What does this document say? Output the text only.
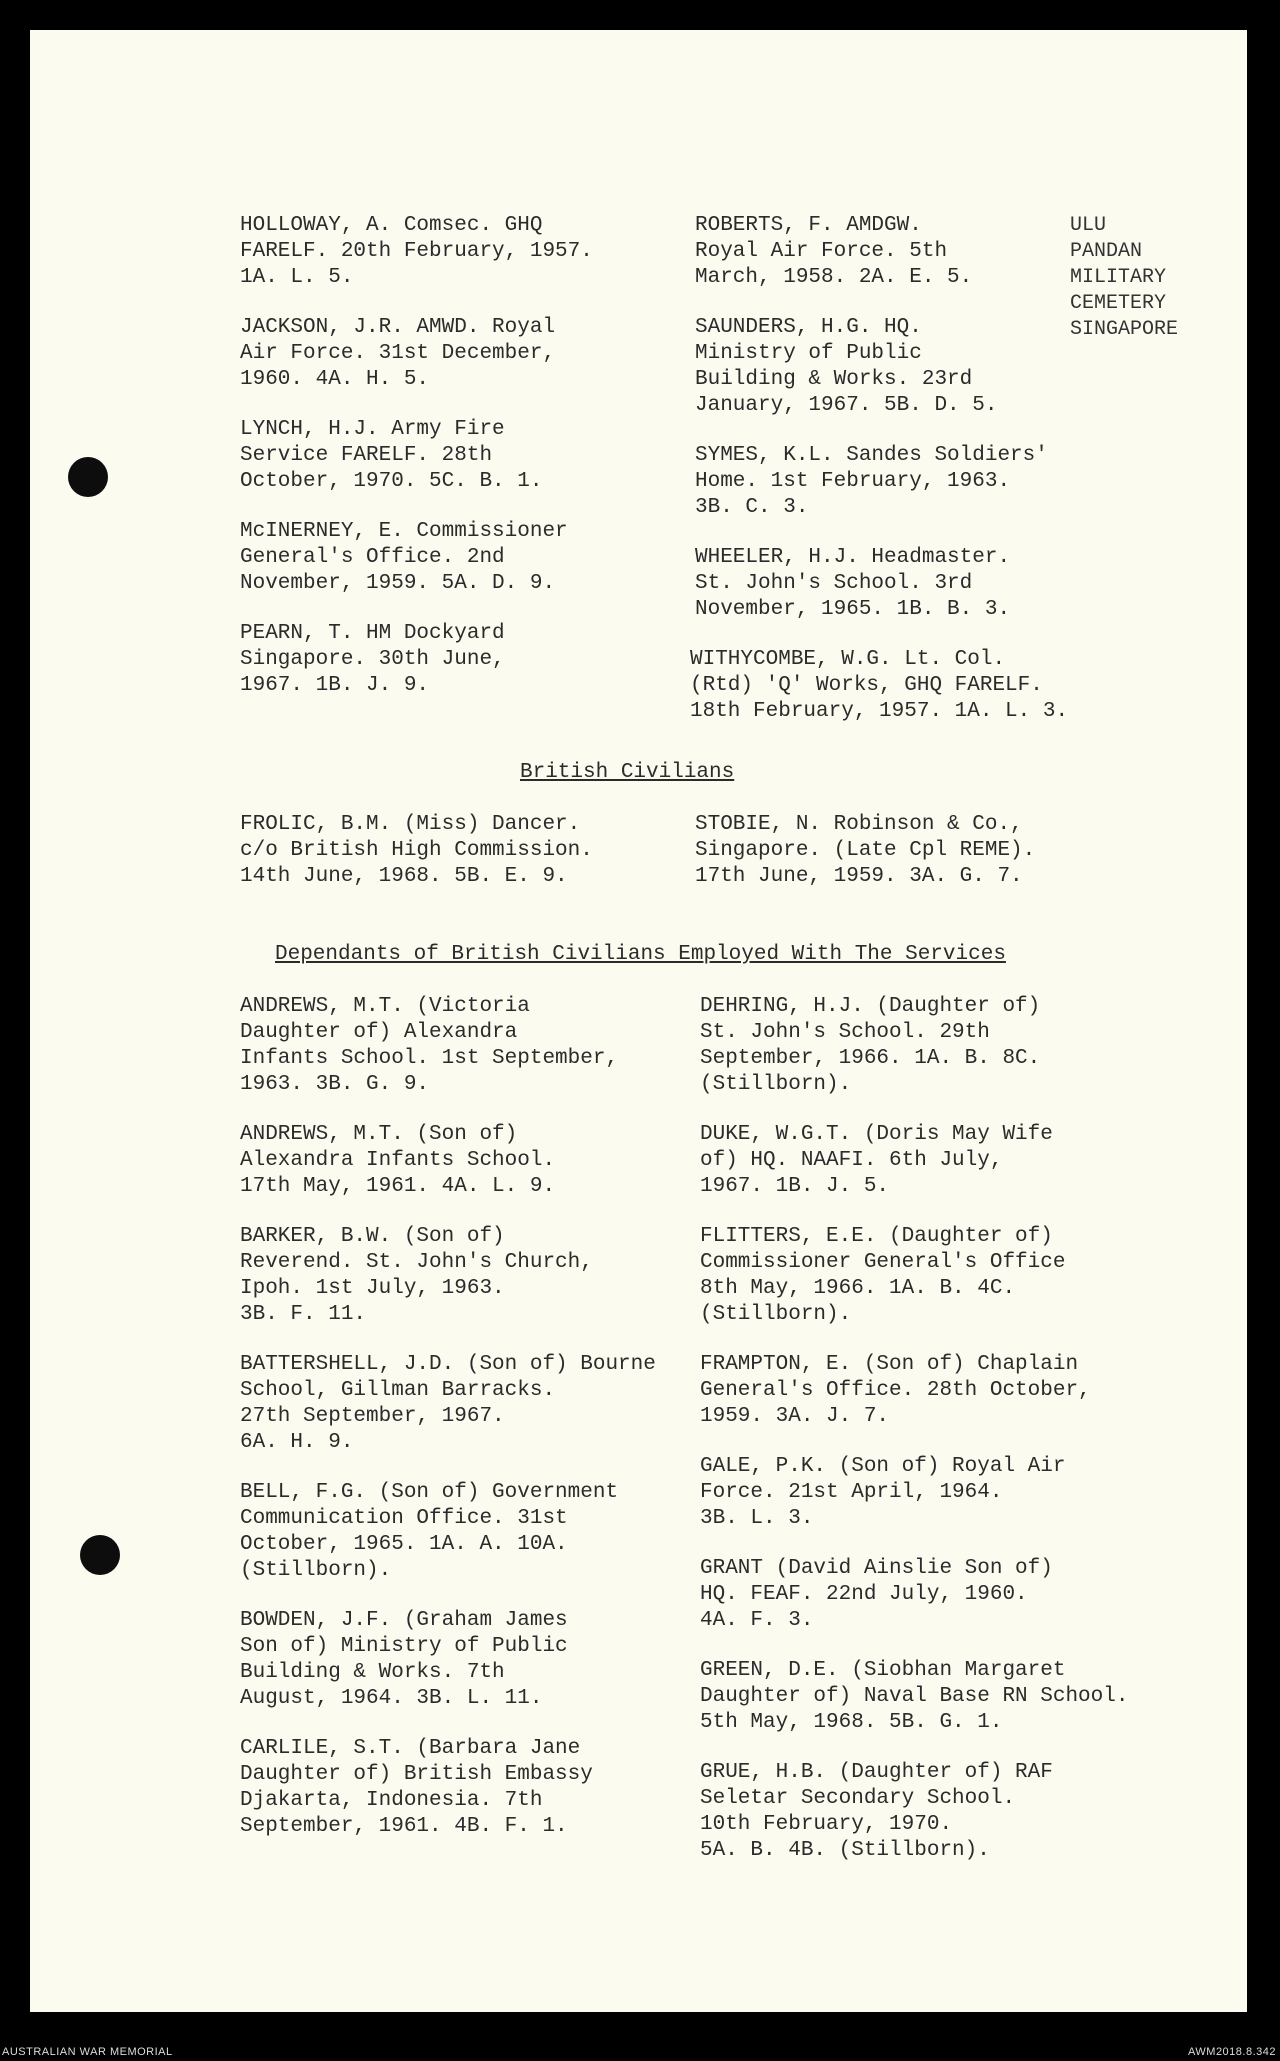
ULU
PANDAN
MILITARY
CEMETERY
SINGAPORE
HOLLOWAY, A. Comsec. GHQ
FARELF. 20th February, 1957.
1A. L. 5.
JACKSON, J.R. AMWD. Royal
Air Force. 31st December,
1960. 4A. H. 5.
LYNCH, H.J. Army Fire
Service FARELF. 28th
October, 1970. 5C. B. 1.
McINERNEY, E. Commissioner
General's Office. 2nd
November, 1959. 5A. D. 9.
PEARN, T. HM Dockyard
Singapore. 30th June,
1967. 1B. J. 9.
ROBERTS, F. AMDGW.
Royal Air Force. 5th
March, 1958. 2A. E. 5.
SAUNDERS, H.G. HQ.
Ministry of Public
Building & Works. 23rd
January, 1967. 5B. D. 5.
SYMES, K.L. Sandes Soldiers'
Home. 1st February, 1963.
3B. C. 3.
WHEELER, H.J. Headmaster.
St. John's School. 3rd
November, 1965. 1B. B. 3.
WITHYCOMBE, W.G. Lt. Col.
(Rtd) 'Q' Works, GHQ FARELF.
18th February, 1957. 1A. L. 3.
British Civilians
FROLIC, B.M. (Miss) Dancer.
c/o British High Commission.
14th June, 1968. 5B. E. 9.
STOBIE, N. Robinson & Co.,
Singapore. (Late Cpl REME).
17th June, 1959. 3A. G. 7.
Dependants of British Civilians Employed With The Services
ANDREWS, M.T. (Victoria
Daughter of) Alexandra
Infants School. 1st September,
1963. 3B. G. 9.
ANDREWS, M.T. (Son of)
Alexandra Infants School.
17th May, 1961. 4A. L. 9.
BARKER, B.W. (Son of)
Reverend. St. John's Church,
Ipoh. 1st July, 1963.
3B. F. 11.
BATTERSHELL, J.D. (Son of) Bourne
School, Gillman Barracks.
27th September, 1967.
6A. H. 9.
BELL, F.G. (Son of) Government
Communication Office. 31st
October, 1965. 1A. A. 10A.
(Stillborn).
BOWDEN, J.F. (Graham James
Son of) Ministry of Public
Building & Works. 7th
August, 1964. 3B. L. 11.
CARLILE, S.T. (Barbara Jane
Daughter of) British Embassy
Djakarta, Indonesia. 7th
September, 1961. 4B. F. 1.
DEHRING, H.J. (Daughter of)
St. John's School. 29th
September, 1966. 1A. B. 8C.
(Stillborn).
DUKE, W.G.T. (Doris May Wife
of) HQ. NAAFI. 6th July,
1967. 1B. J. 5.
FLITTERS, E.E. (Daughter of)
Commissioner General's Office
8th May, 1966. 1A. B. 4C.
(Stillborn).
FRAMPTON, E. (Son of) Chaplain
General's Office. 28th October,
1959. 3A. J. 7.
GALE, P.K. (Son of) Royal Air
Force. 21st April, 1964.
3B. L. 3.
GRANT (David Ainslie Son of)
HQ. FEAF. 22nd July, 1960.
4A. F. 3.
GREEN, D.E. (Siobhan Margaret
Daughter of) Naval Base RN School.
5th May, 1968. 5B. G. 1.
GRUE, H.B. (Daughter of) RAF
Seletar Secondary School.
10th February, 1970.
5A. B. 4B. (Stillborn).
AUSTRALIAN WAR MEMORIAL	AWM2018.8.342
